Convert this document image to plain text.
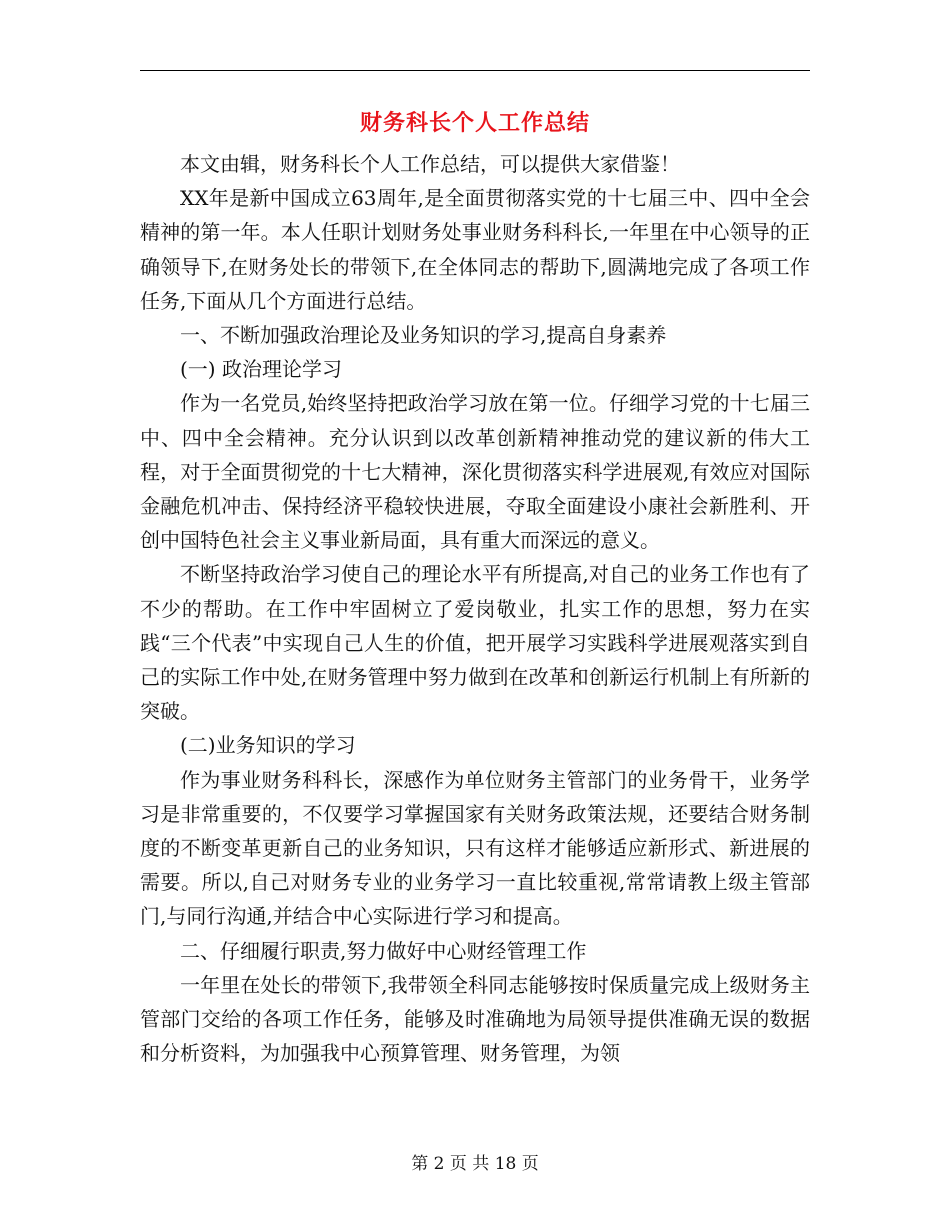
财务科长个人工作总结

本文由辑，财务科长个人工作总结，可以提供大家借鉴！

XX年是新中国成立63周年,是全面贯彻落实党的十七届三中、四中全会精神的第一年。本人任职计划财务处事业财务科科长,一年里在中心领导的正确领导下,在财务处长的带领下,在全体同志的帮助下,圆满地完成了各项工作任务,下面从几个方面进行总结。

一、不断加强政治理论及业务知识的学习,提高自身素养

(一) 政治理论学习

作为一名党员,始终坚持把政治学习放在第一位。仔细学习党的十七届三中、四中全会精神。充分认识到以改革创新精神推动党的建议新的伟大工程，对于全面贯彻党的十七大精神，深化贯彻落实科学进展观,有效应对国际金融危机冲击、保持经济平稳较快进展，夺取全面建设小康社会新胜利、开创中国特色社会主义事业新局面，具有重大而深远的意义。

不断坚持政治学习使自己的理论水平有所提高,对自己的业务工作也有了不少的帮助。在工作中牢固树立了爱岗敬业，扎实工作的思想，努力在实践“三个代表”中实现自己人生的价值，把开展学习实践科学进展观落实到自己的实际工作中处,在财务管理中努力做到在改革和创新运行机制上有所新的突破。

(二)业务知识的学习

作为事业财务科科长，深感作为单位财务主管部门的业务骨干，业务学习是非常重要的，不仅要学习掌握国家有关财务政策法规，还要结合财务制度的不断变革更新自己的业务知识，只有这样才能够适应新形式、新进展的需要。所以,自己对财务专业的业务学习一直比较重视,常常请教上级主管部门,与同行沟通,并结合中心实际进行学习和提高。

二、仔细履行职责,努力做好中心财经管理工作

一年里在处长的带领下,我带领全科同志能够按时保质量完成上级财务主管部门交给的各项工作任务，能够及时准确地为局领导提供准确无误的数据和分析资料，为加强我中心预算管理、财务管理，为领

第 2 页 共 18 页
